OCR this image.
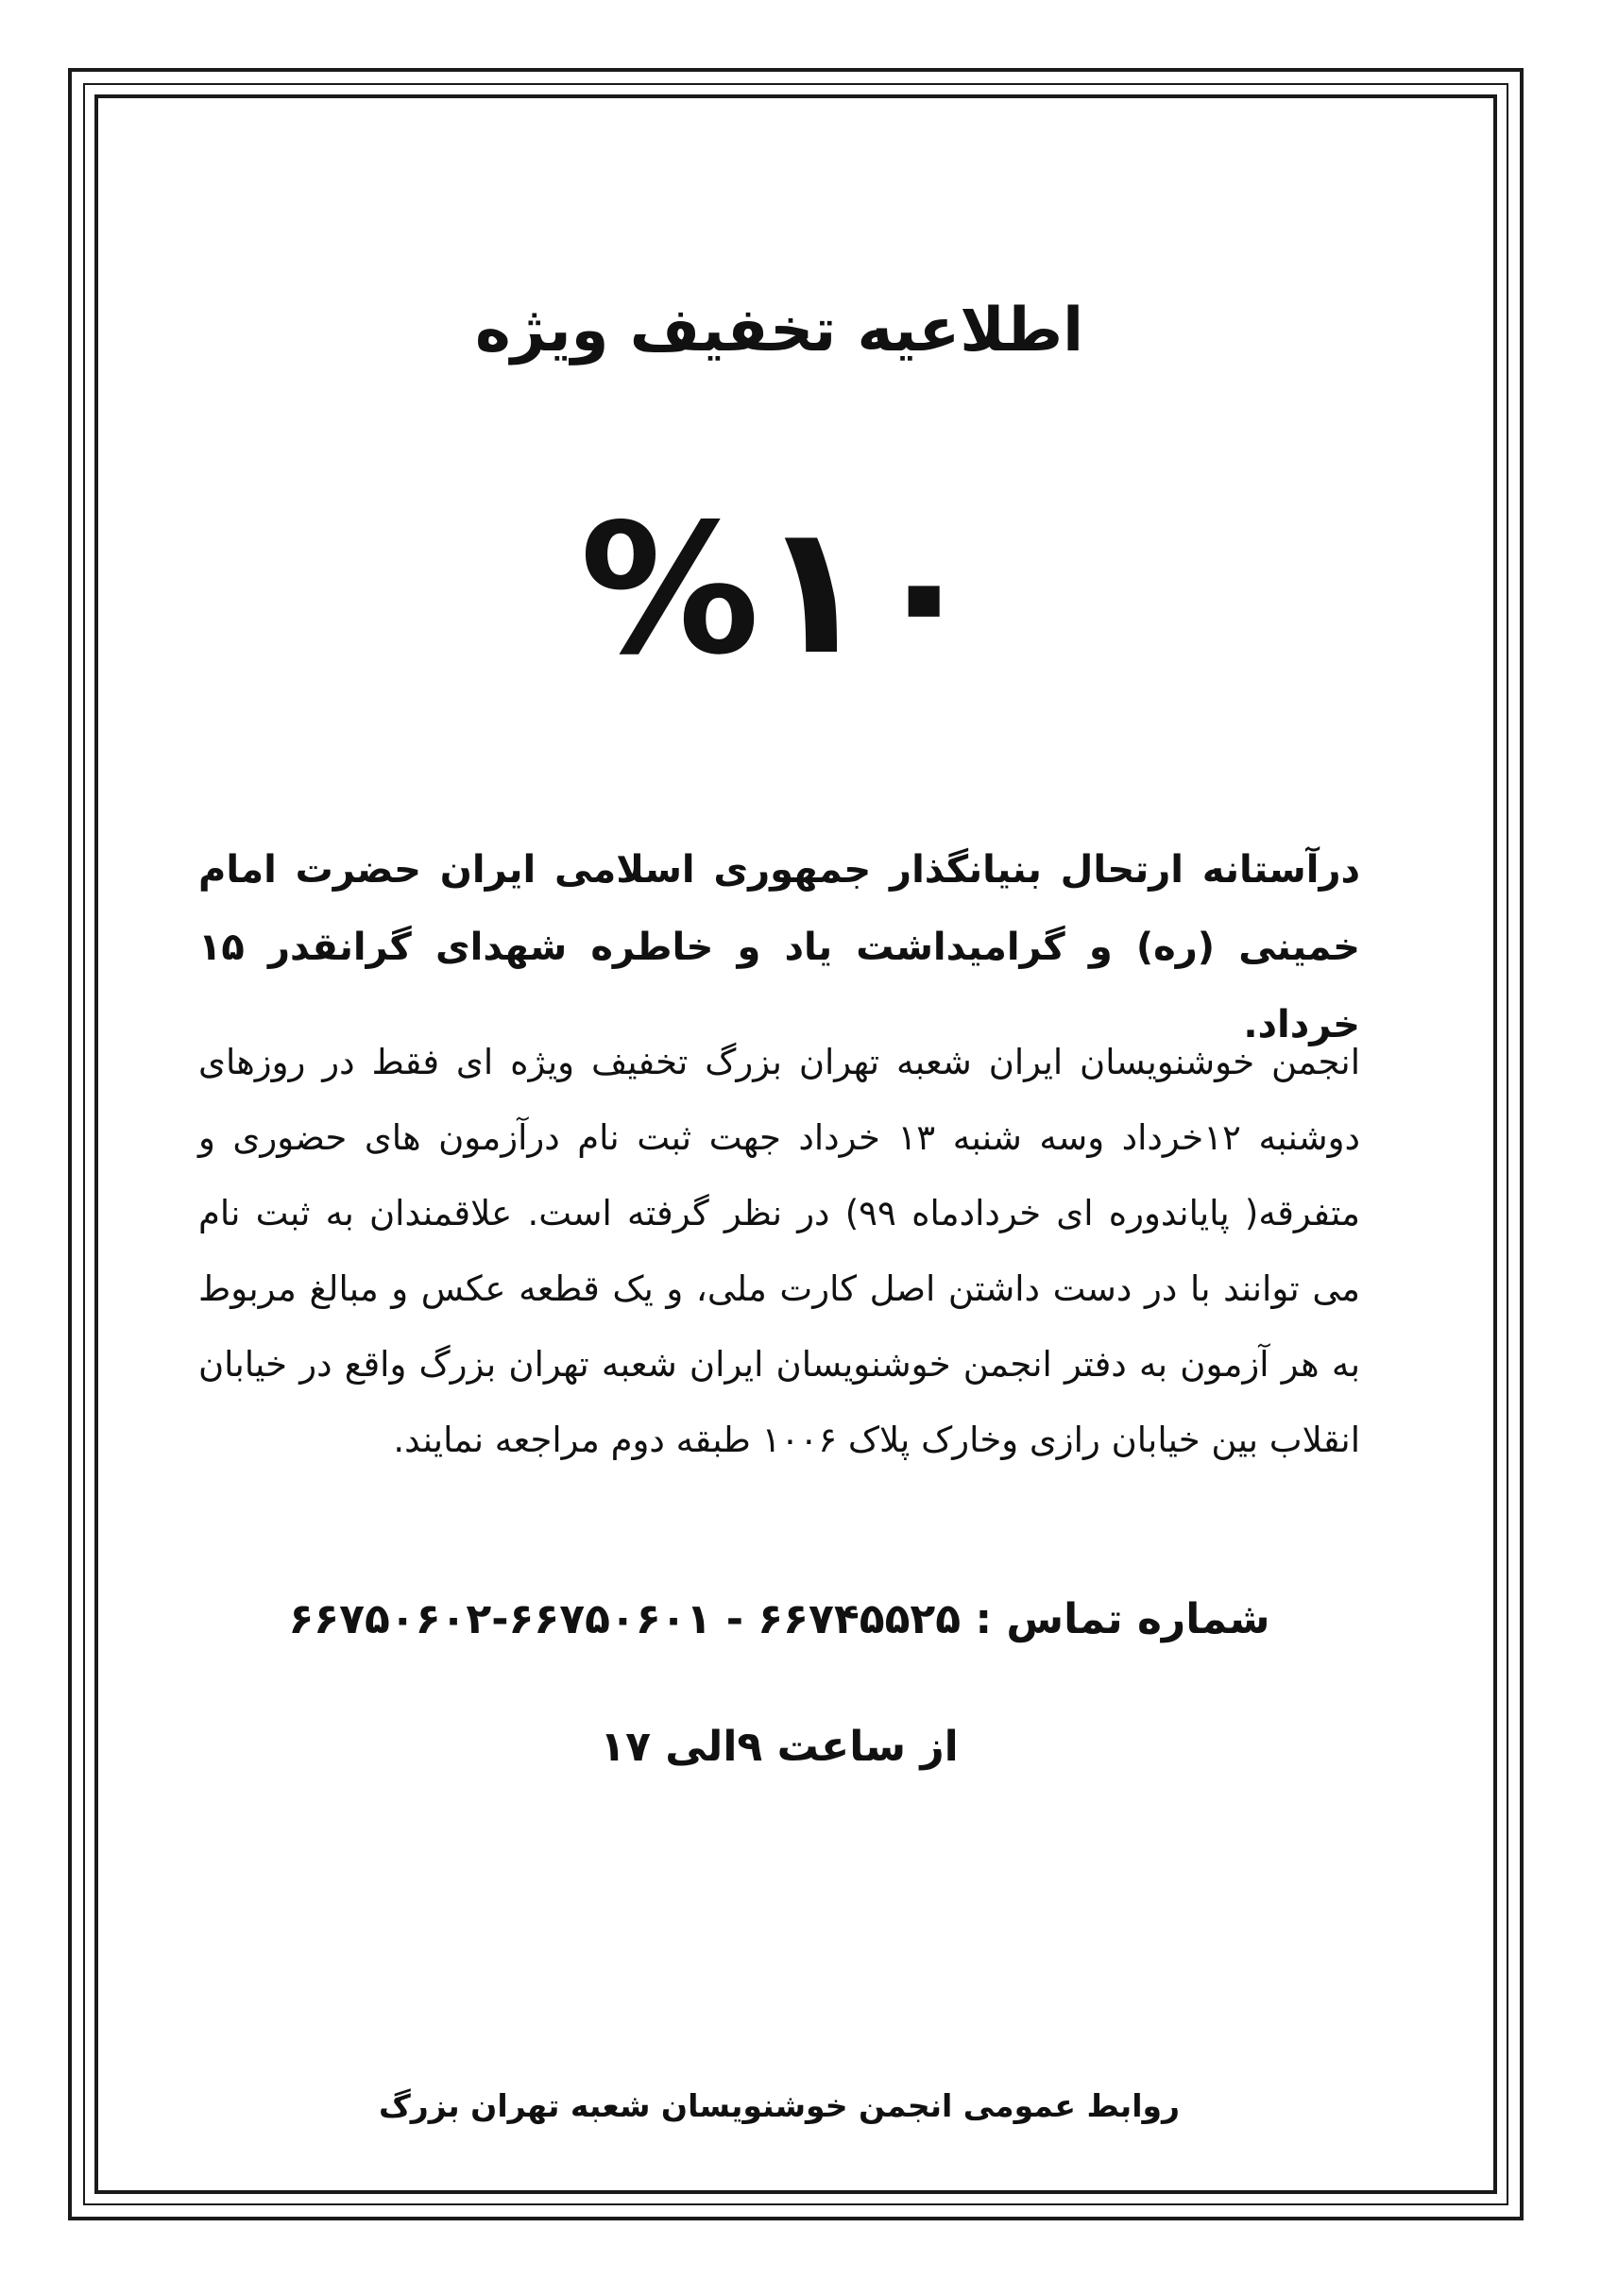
اطلاعیه تخفیف ویژه
%۱۰
درآستانه ارتحال بنیانگذار جمهوری اسلامی ایران حضرت امام خمینی (ره) و گرامیداشت یاد و خاطره شهدای گرانقدر ۱۵ خرداد.
انجمن خوشنویسان ایران شعبه تهران بزرگ تخفیف ویژه ای فقط در روزهای دوشنبه ۱۲خرداد وسه شنبه ۱۳ خرداد جهت ثبت نام درآزمون های حضوری و متفرقه( پایاندوره ای خردادماه ۹۹) در نظر گرفته است. علاقمندان به ثبت نام می توانند با در دست داشتن اصل کارت ملی، و یک قطعه عکس و مبالغ مربوط به هر آزمون به دفتر انجمن خوشنویسان ایران شعبه تهران بزرگ واقع در خیابان انقلاب بین خیابان رازی وخارک پلاک ۱۰۰۶ طبقه دوم مراجعه نمایند.
شماره تماس : ۶۶۷۴۵۵۲۵ - ۶۶۷۵۰۶۰۱-۶۶۷۵۰۶۰۲
از ساعت ۹الی ۱۷
روابط عمومی انجمن خوشنویسان شعبه تهران بزرگ
